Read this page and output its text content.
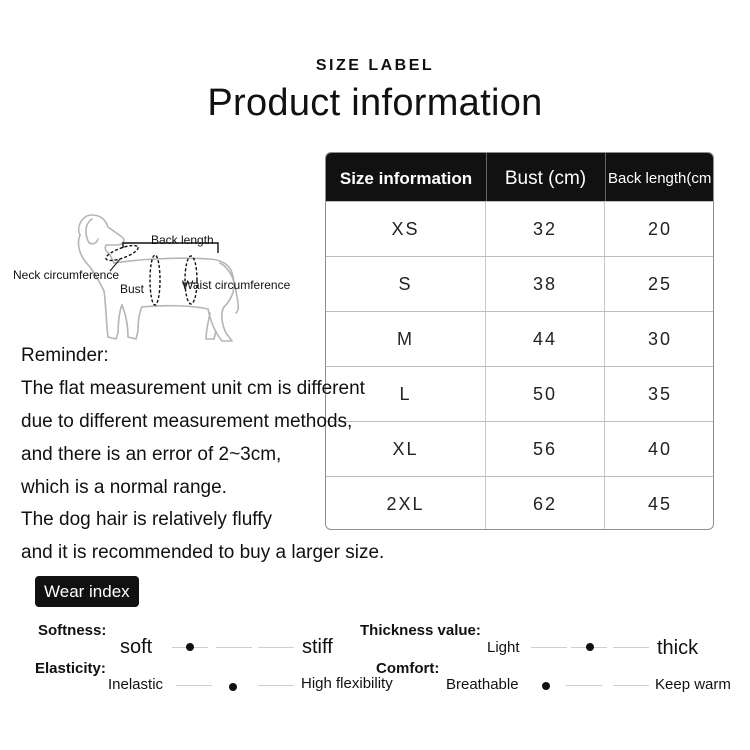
SIZE LABEL
Product information
Back length
Neck circumference
Bust	Waist circumference
Size information	Bust (cm)	Back length(cm
XS	32	20
S	38	25
M	44	30
L	50	35
XL	56	40
2XL	62	45
Reminder:
The flat measurement unit cm is different
due to different measurement methods,
and there is an error of 2~3cm,
which is a normal range.
The dog hair is relatively fluffy
and it is recommended to buy a larger size.
Wear index
Softness:
soft	stiff
Thickness value:
Light	thick
Elasticity:
Inelastic	High flexibility
Comfort:
Breathable	Keep warm
